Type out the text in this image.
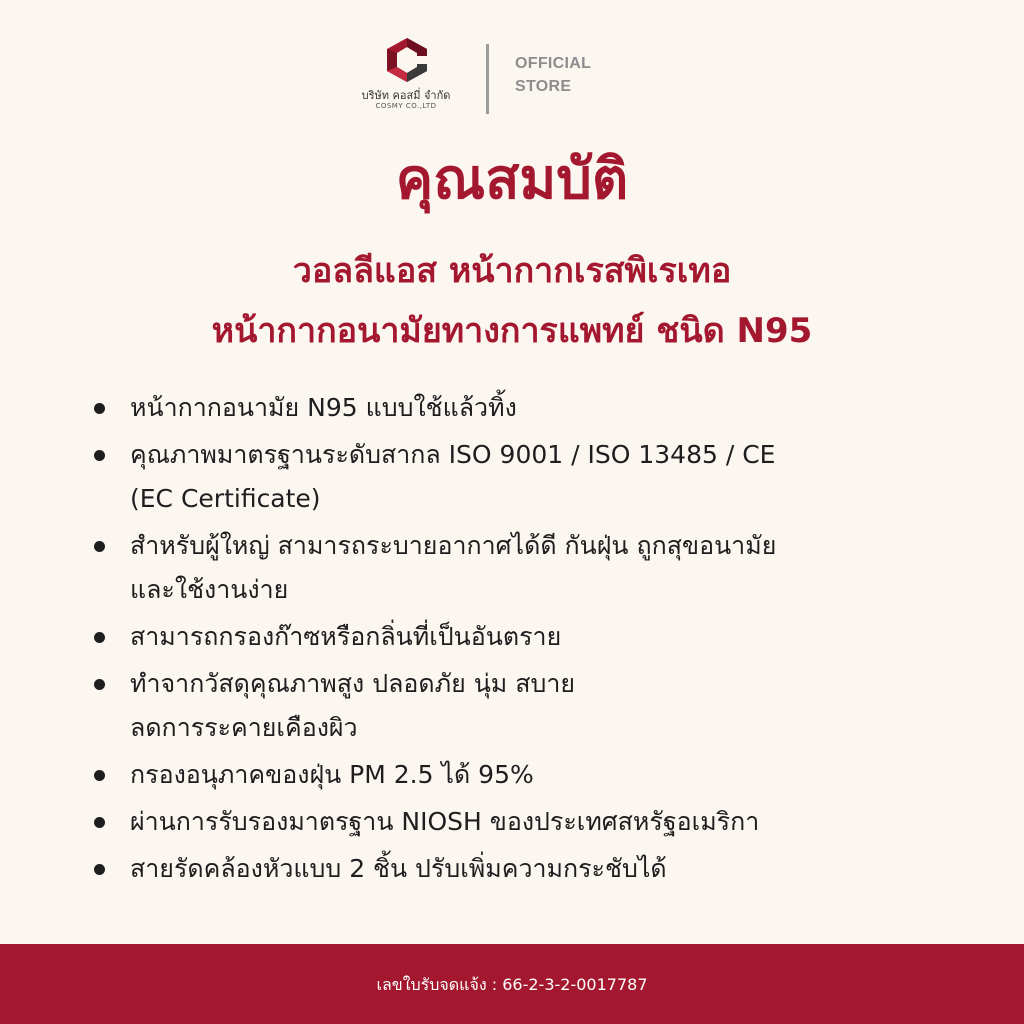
บริษัท คอสมี่ จำกัด
COSMY CO.,LTD
OFFICIAL
STORE
คุณสมบัติ
วอลลีแอส หน้ากากเรสพิเรเทอ
หน้ากากอนามัยทางการแพทย์ ชนิด N95
หน้ากากอนามัย N95 แบบใช้แล้วทิ้ง
คุณภาพมาตรฐานระดับสากล ISO 9001 / ISO 13485 / CE
(EC Certificate)
สำหรับผู้ใหญ่ สามารถระบายอากาศได้ดี กันฝุ่น ถูกสุขอนามัย
และใช้งานง่าย
สามารถกรองก๊าซหรือกลิ่นที่เป็นอันตราย
ทำจากวัสดุคุณภาพสูง ปลอดภัย นุ่ม สบาย
ลดการระคายเคืองผิว
กรองอนุภาคของฝุ่น PM 2.5 ได้ 95%
ผ่านการรับรองมาตรฐาน NIOSH ของประเทศสหรัฐอเมริกา
สายรัดคล้องหัวแบบ 2 ชิ้น ปรับเพิ่มความกระชับได้
เลขใบรับจดแจ้ง : 66-2-3-2-0017787
